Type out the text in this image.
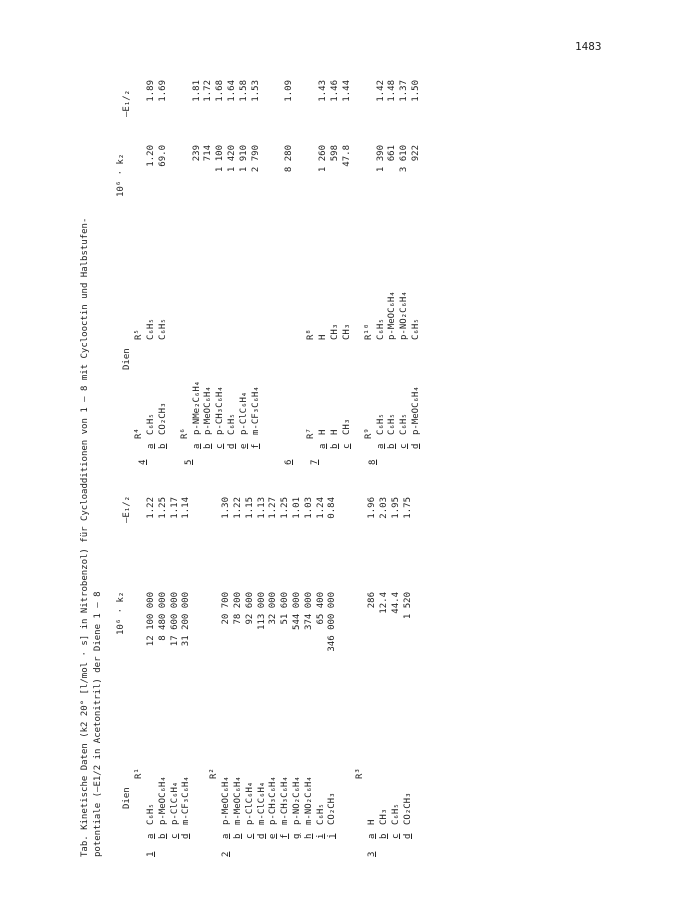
1483
Tab. Kinetische Daten (k2 20° [l/mol · s] in Nitrobenzol) für Cycloadditionen von 1 – 8 mit Cyclooctin und Halbstufen- potentiale (–E1/2 in Acetonitril) der Diene 1 – 8 Dien
10⁶ · k₂
–E₁/₂
1
R¹
a
C₆H₅
12 100 000
1.22
b
p-MeOC₆H₄
8 480 000
1.25
c
p-ClC₆H₄
17 600 000
1.17
d
m-CF₃C₆H₄
31 200 000
1.14
2
R²
a
p-MeOC₆H₄
20 700
1.30
b
m-MeOC₆H₄
78 200
1.22
c
p-ClC₆H₄
92 600
1.15
d
m-ClC₆H₄
113 000
1.13
e
p-CH₃C₆H₄
32 000
1.27
f
m-CH₃C₆H₄
51 600
1.25
g
p-NO₂C₆H₄
544 000
1.01
h
m-NO₂C₆H₄
374 000
1.03
i
C₆H₅
65 400
1.24
j
CO₂CH₃
346 000 000
0.84
3
R³
a
H
286
1.96
b
CH₃
12.4
2.03
c
C₆H₅
44.4
1.95
d
CO₂CH₃
1 520
1.75
Dien
10⁶ · k₂
–E₁/₂
4
R⁴
R⁵
a
C₆H₅
C₆H₅
1.20
1.89
b
CO₂CH₃
C₆H₅
69.0
1.69
5
R⁶
a
p-NMe₂C₆H₄
239
1.81
b
p-MeOC₆H₄
714
1.72
c
p-CH₃C₆H₄
1 100
1.68
d
C₆H₅
1 420
1.64
e
p-ClC₆H₄
1 910
1.58
f
m-CF₃C₆H₄
2 790
1.53
6
8 280
1.09
7
R⁷
R⁸
a
H
H
1 260
1.43
b
H
CH₃
598
1.46
c
CH₃
CH₃
47.8
1.44
8
R⁹
R¹⁰
a
C₆H₅
C₆H₅
1 390
1.42
b
C₆H₅
p-MeOC₆H₄
661
1.48
c
C₆H₅
p-NO₂C₆H₄
3 610
1.37
d
p-MeOC₆H₄
C₆H₅
922
1.50
